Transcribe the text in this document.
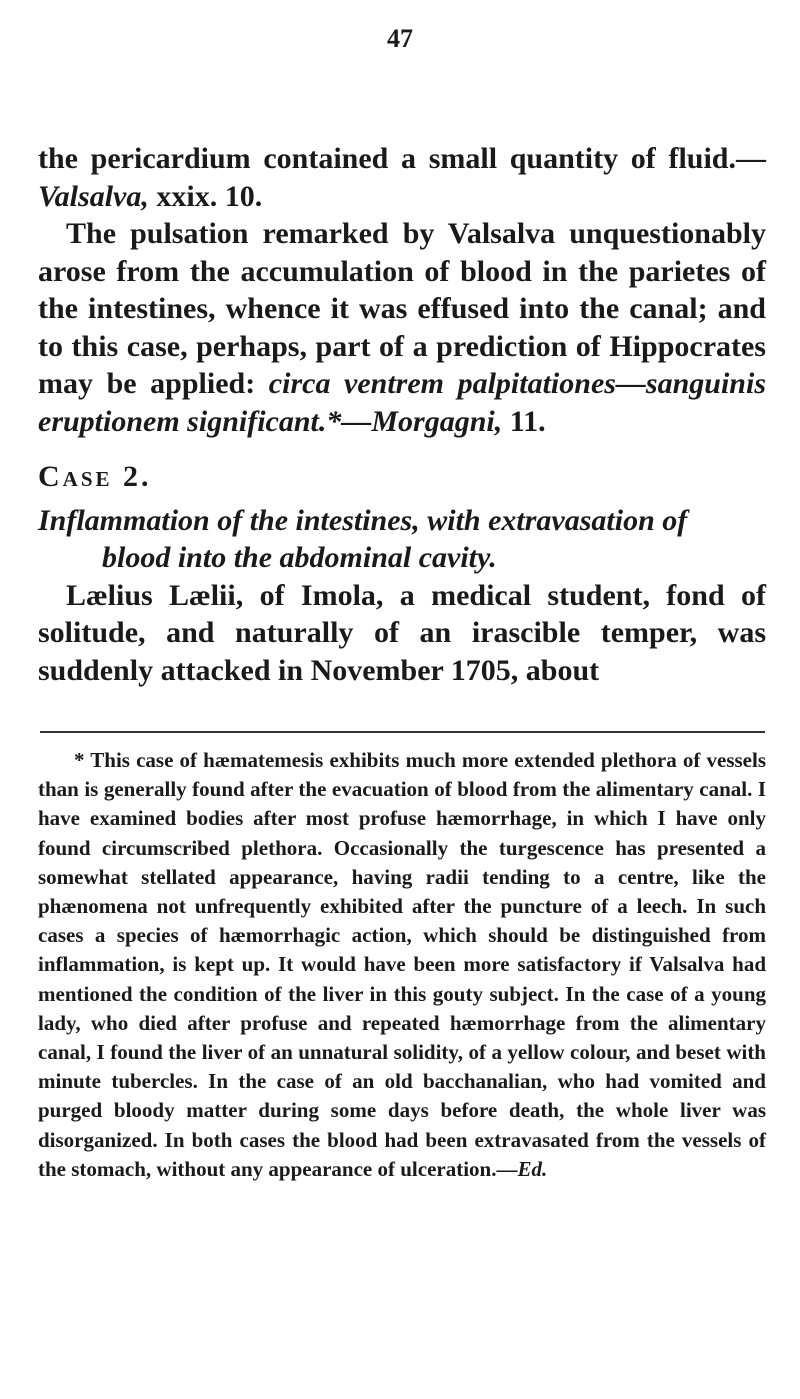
47

the pericardium contained a small quantity of fluid.—Valsalva, xxix. 10.

The pulsation remarked by Valsalva unquestionably arose from the accumulation of blood in the parietes of the intestines, whence it was effused into the canal; and to this case, perhaps, part of a prediction of Hippocrates may be applied: circa ventrem palpitationes—sanguinis eruptionem significant.*—Morgagni, 11.

Case 2.

Inflammation of the intestines, with extravasation of
blood into the abdominal cavity.

Lælius Lælii, of Imola, a medical student, fond of solitude, and naturally of an irascible temper, was suddenly attacked in November 1705, about

* This case of hæmatemesis exhibits much more extended plethora of vessels than is generally found after the evacuation of blood from the alimentary canal. I have examined bodies after most profuse hæmorrhage, in which I have only found circumscribed plethora. Occasionally the turgescence has presented a somewhat stellated appearance, having radii tending to a centre, like the phænomena not unfrequently exhibited after the puncture of a leech. In such cases a species of hæmorrhagic action, which should be distinguished from inflammation, is kept up. It would have been more satisfactory if Valsalva had mentioned the condition of the liver in this gouty subject. In the case of a young lady, who died after profuse and repeated hæmorrhage from the alimentary canal, I found the liver of an unnatural solidity, of a yellow colour, and beset with minute tubercles. In the case of an old bacchanalian, who had vomited and purged bloody matter during some days before death, the whole liver was disorganized. In both cases the blood had been extravasated from the vessels of the stomach, without any appearance of ulceration.—Ed.
